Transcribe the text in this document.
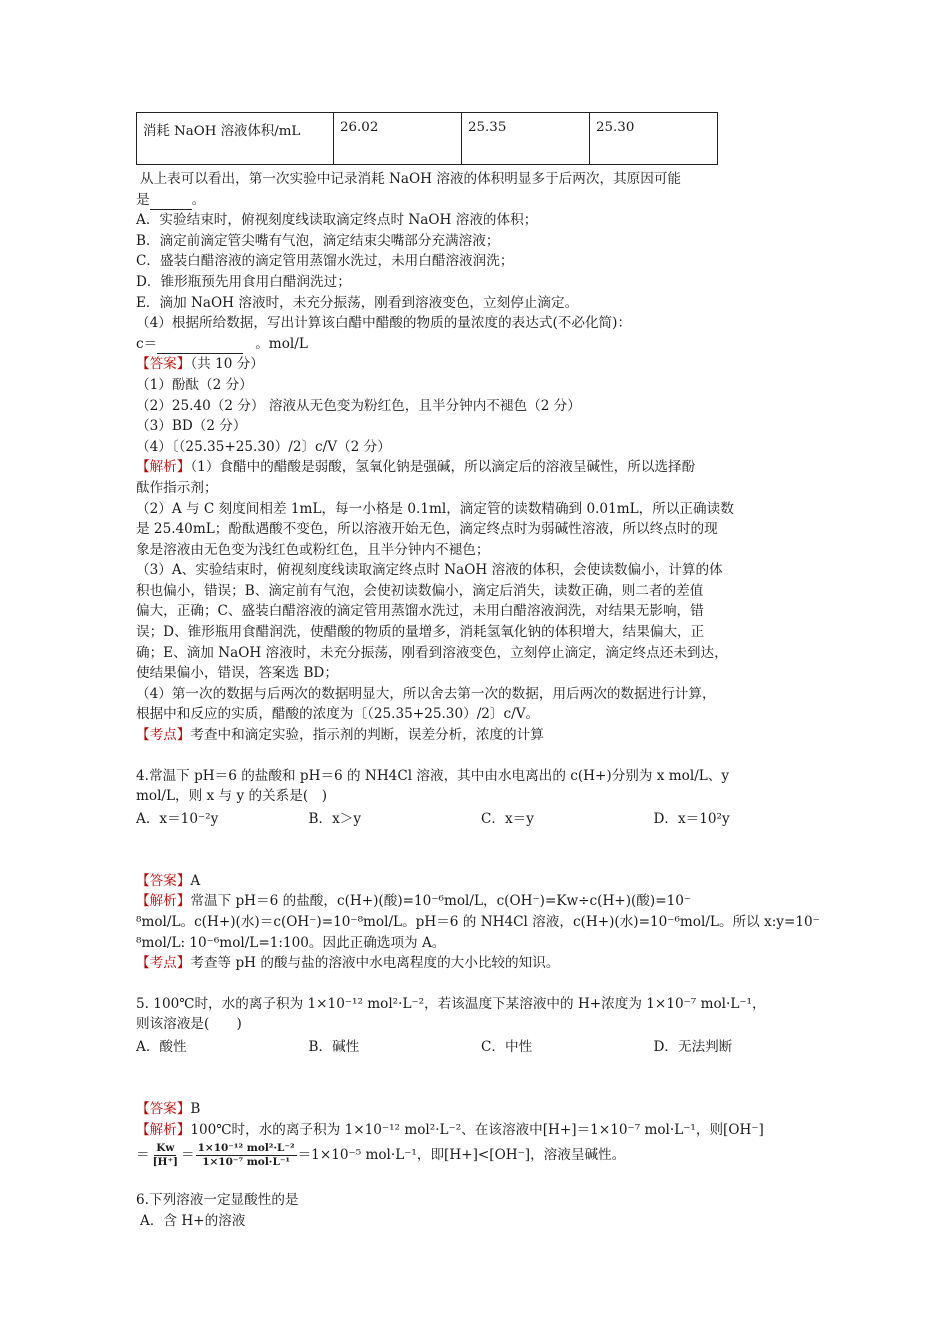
消耗 NaOH 溶液体积/mL	26.02	25.35	25.30
从上表可以看出，第一次实验中记录消耗 NaOH 溶液的体积明显多于后两次，其原因可能
是	。
A．实验结束时，俯视刻度线读取滴定终点时 NaOH 溶液的体积；
B．滴定前滴定管尖嘴有气泡，滴定结束尖嘴部分充满溶液；
C．盛装白醋溶液的滴定管用蒸馏水洗过，未用白醋溶液润洗；
D．锥形瓶预先用食用白醋润洗过；
E．滴加 NaOH 溶液时，未充分振荡，刚看到溶液变色，立刻停止滴定。
（4）根据所给数据，写出计算该白醋中醋酸的物质的量浓度的表达式(不必化简)：
c＝	。mol/L
【答案】（共 10 分）
（1）酚酞（2 分）
（2）25.40（2 分） 溶液从无色变为粉红色，且半分钟内不褪色（2 分）
（3）BD（2 分）
（4）〔（25.35+25.30）/2〕c/V（2 分）
【解析】（1）食醋中的醋酸是弱酸，氢氧化钠是强碱，所以滴定后的溶液呈碱性，所以选择酚
酞作指示剂；
（2）A 与 C 刻度间相差 1mL，每一小格是 0.1ml，滴定管的读数精确到 0.01mL，所以正确读数
是 25.40mL；酚酞遇酸不变色，所以溶液开始无色，滴定终点时为弱碱性溶液，所以终点时的现
象是溶液由无色变为浅红色或粉红色，且半分钟内不褪色；
（3）A、实验结束时，俯视刻度线读取滴定终点时 NaOH 溶液的体积，会使读数偏小，计算的体
积也偏小，错误；B、滴定前有气泡，会使初读数偏小，滴定后消失，读数正确，则二者的差值
偏大，正确；C、盛装白醋溶液的滴定管用蒸馏水洗过，未用白醋溶液润洗，对结果无影响，错
误；D、锥形瓶用食醋润洗，使醋酸的物质的量增多，消耗氢氧化钠的体积增大，结果偏大，正
确；E、滴加 NaOH 溶液时，未充分振荡，刚看到溶液变色，立刻停止滴定，滴定终点还未到达，
使结果偏小，错误，答案选 BD；
（4）第一次的数据与后两次的数据明显大，所以舍去第一次的数据，用后两次的数据进行计算，
根据中和反应的实质，醋酸的浓度为〔（25.35+25.30）/2〕c/V。
【考点】考查中和滴定实验，指示剂的判断，误差分析，浓度的计算
4.常温下 pH＝6 的盐酸和 pH＝6 的 NH4Cl 溶液，其中由水电离出的 c(H+)分别为 x mol/L、y
mol/L，则 x 与 y 的关系是(　)
A．x＝10⁻²y	B．x＞y	C．x＝y	D．x＝10²y
【答案】A
【解析】常温下 pH＝6 的盐酸，c(H+)(酸)=10⁻⁶mol/L，c(OH⁻)=Kw÷c(H+)(酸)=10⁻
⁸mol/L。c(H+)(水)＝c(OH⁻)=10⁻⁸mol/L。pH＝6 的 NH4Cl 溶液，c(H+)(水)=10⁻⁶mol/L。所以 x:y=10⁻
⁸mol/L: 10⁻⁶mol/L=1:100。因此正确选项为 A。
【考点】考查等 pH 的酸与盐的溶液中水电离程度的大小比较的知识。
5. 100℃时，水的离子积为 1×10⁻¹² mol²·L⁻²，若该温度下某溶液中的 H+浓度为 1×10⁻⁷ mol·L⁻¹，
则该溶液是(　　)
A．酸性	B．碱性	C．中性	D．无法判断
【答案】B
【解析】100℃时，水的离子积为 1×10⁻¹² mol²·L⁻²、在该溶液中[H+]＝1×10⁻⁷ mol·L⁻¹，则[OH⁻]
＝ $\frac{Kw}{[H^+]} = \frac{\text{1×10⁻¹² mol²·L⁻²}}{\text{1×10⁻⁷ mol·L⁻¹}} =1\times 10^{-5}$ mol·L⁻¹，即[H+]<[OH⁻]，溶液呈碱性。
6.下列溶液一定显酸性的是
A．含 H+的溶液
